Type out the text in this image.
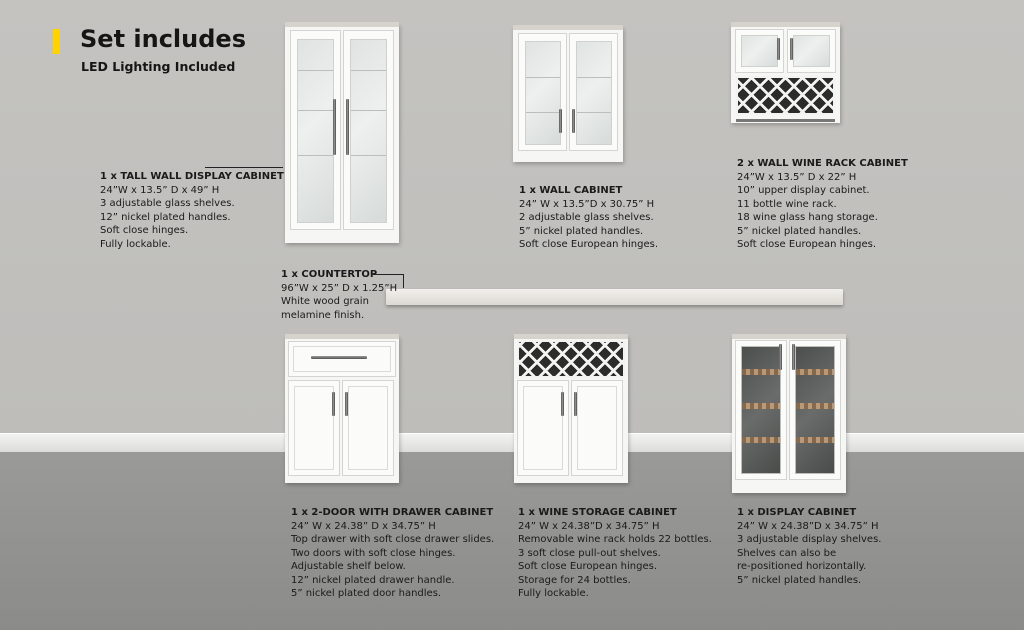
Set includes
LED Lighting Included
1 x TALL WALL DISPLAY CABINET
24”W x 13.5” D x 49” H
3 adjustable glass shelves.
12” nickel plated handles.
Soft close hinges.
Fully lockable.
1 x WALL CABINET
24” W x 13.5”D x 30.75” H
2 adjustable glass shelves.
5” nickel plated handles.
Soft close European hinges.
2 x WALL WINE RACK CABINET
24”W x 13.5” D x 22” H
10” upper display cabinet.
11 bottle wine rack.
18 wine glass hang storage.
5” nickel plated handles.
Soft close European hinges.
1 x COUNTERTOP
96”W x 25” D x 1.25”H
White wood grain
melamine finish.
1 x 2-DOOR WITH DRAWER CABINET
24” W x 24.38” D x 34.75” H
Top drawer with soft close drawer slides.
Two doors with soft close hinges.
Adjustable shelf below.
12” nickel plated drawer handle.
5” nickel plated door handles.
1 x WINE STORAGE CABINET
24” W x 24.38”D x 34.75” H
Removable wine rack holds 22 bottles.
3 soft close pull-out shelves.
Soft close European hinges.
Storage for 24 bottles.
Fully lockable.
1 x DISPLAY CABINET
24” W x 24.38”D x 34.75” H
3 adjustable display shelves.
Shelves can also be
re-positioned horizontally.
5” nickel plated handles.
